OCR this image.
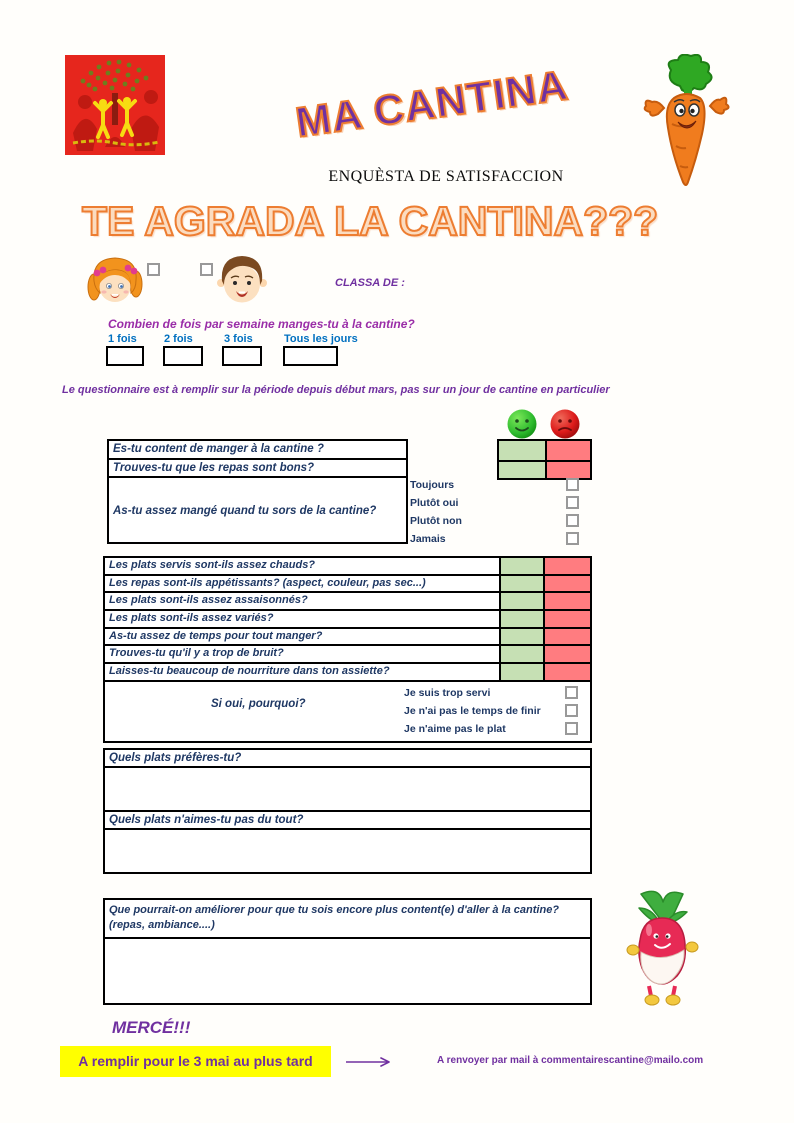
MA CANTINA
ENQUÈSTA DE SATISFACCION
TE AGRADA LA CANTINA???
CLASSA DE :
Combien de fois par semaine manges-tu à la cantine?
1 fois 2 fois	3 fois	Tous les jours
Le questionnaire est à remplir sur la période depuis début mars, pas sur un jour de cantine en particulier
Es-tu content de manger à la cantine ?
Trouves-tu que les repas sont bons?
As-tu assez mangé quand tu sors de la cantine?
Toujours
Plutôt oui
Plutôt non
Jamais
Les plats servis sont-ils assez chauds?
Les repas sont-ils appétissants? (aspect, couleur, pas sec...)
Les plats sont-ils assez assaisonnés?
Les plats sont-ils assez variés?
As-tu assez de temps pour tout manger?
Trouves-tu qu'il y a trop de bruit?
Laisses-tu beaucoup de nourriture dans ton assiette?
Si oui, pourquoi?
Je suis trop servi
Je n'ai pas le temps de finir
Je n'aime pas le plat
Quels plats préfères-tu?
Quels plats n'aimes-tu pas du tout?
Que pourrait-on améliorer pour que tu sois encore plus content(e) d'aller à la cantine?
(repas, ambiance....)
MERCÉ!!!
A remplir pour le 3 mai au plus tard	A renvoyer par mail à commentairescantine@mailo.com
